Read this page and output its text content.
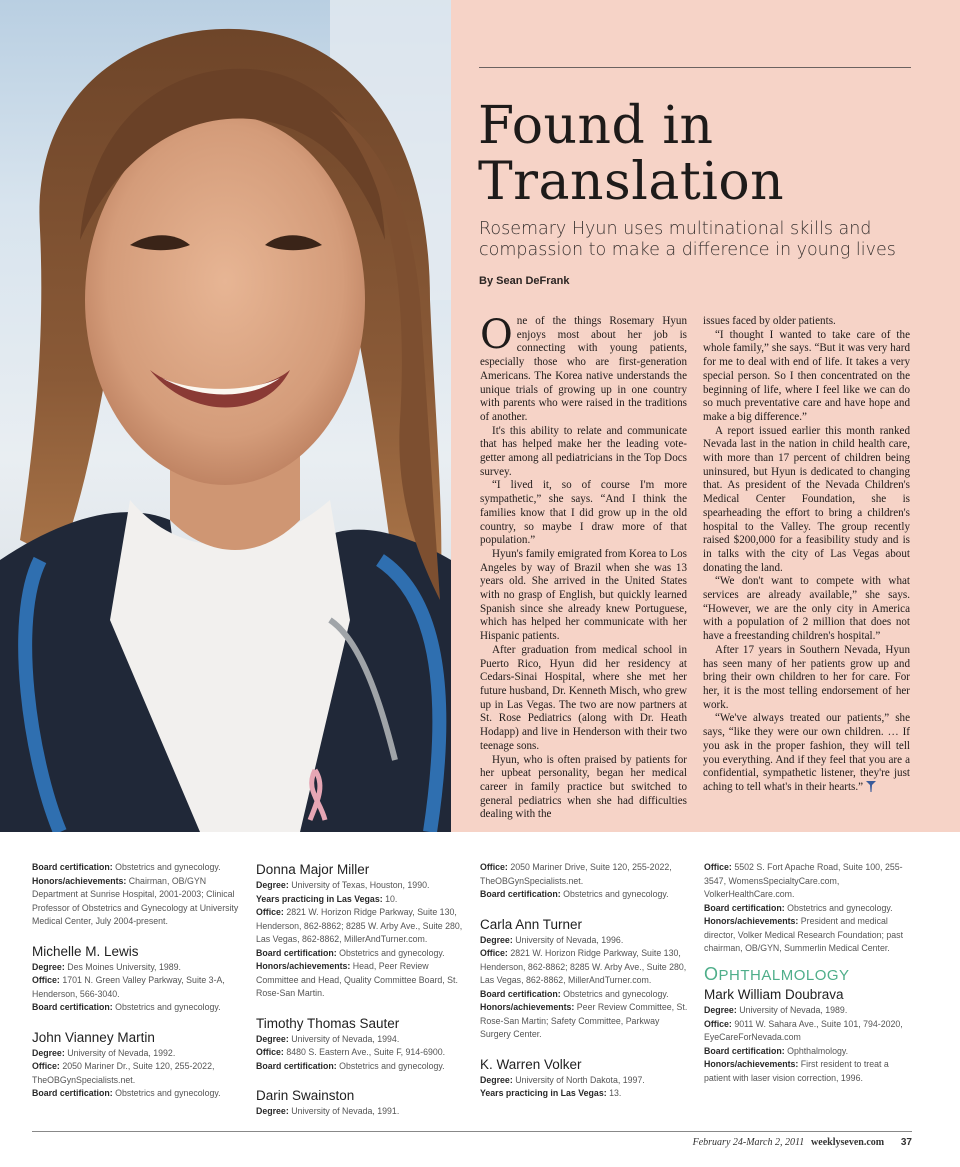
Found in
Translation

Rosemary Hyun uses multinational skills and compassion to make a difference in young lives

By Sean DeFrank

One of the things Rosemary Hyun enjoys most about her job is connecting with young patients, especially those who are first-generation Americans. The Korea native understands the unique trials of growing up in one country with parents who were raised in the traditions of another.

It's this ability to relate and communicate that has helped make her the leading vote-getter among all pediatricians in the Top Docs survey.

“I lived it, so of course I'm more sympathetic,” she says. “And I think the families know that I did grow up in the old country, so maybe I draw more of that population.”

Hyun's family emigrated from Korea to Los Angeles by way of Brazil when she was 13 years old. She arrived in the United States with no grasp of English, but quickly learned Spanish since she already knew Portuguese, which has helped her communicate with her Hispanic patients.

After graduation from medical school in Puerto Rico, Hyun did her residency at Cedars-Sinai Hospital, where she met her future husband, Dr. Kenneth Misch, who grew up in Las Vegas. The two are now partners at St. Rose Pediatrics (along with Dr. Heath Hodapp) and live in Henderson with their two teenage sons.

Hyun, who is often praised by patients for her upbeat personality, began her medical career in family practice but switched to general pediatrics when she had difficulties dealing with the

issues faced by older patients.

“I thought I wanted to take care of the whole family,” she says. “But it was very hard for me to deal with end of life. It takes a very special person. So I then concentrated on the beginning of life, where I feel like we can do so much preventative care and have hope and make a big difference.”

A report issued earlier this month ranked Nevada last in the nation in child health care, with more than 17 percent of children being uninsured, but Hyun is dedicated to changing that. As president of the Nevada Children's Medical Center Foundation, she is spearheading the effort to bring a children's hospital to the Valley. The group recently raised $200,000 for a feasibility study and is in talks with the city of Las Vegas about donating the land.

“We don't want to compete with what services are already available,” she says. “However, we are the only city in America with a population of 2 million that does not have a freestanding children's hospital.”

After 17 years in Southern Nevada, Hyun has seen many of her patients grow up and bring their own children to her for care. For her, it is the most telling endorsement of her work.

“We've always treated our patients,” she says, “like they were our own children. … If you ask in the proper fashion, they will tell you everything. And if they feel that you are a confidential, sympathetic listener, they're just aching to tell what's in their hearts.”

Board certification: Obstetrics and gynecology.
Honors/achievements: Chairman, OB/GYN Department at Sunrise Hospital, 2001-2003; Clinical Professor of Obstetrics and Gynecology at University Medical Center, July 2004-present.
Michelle M. Lewis
Degree: Des Moines University, 1989.
Office: 1701 N. Green Valley Parkway, Suite 3-A, Henderson, 566-3040.
Board certification: Obstetrics and gynecology.
John Vianney Martin
Degree: University of Nevada, 1992.
Office: 2050 Mariner Dr., Suite 120, 255-2022, TheOBGynSpecialists.net.
Board certification: Obstetrics and gynecology.
Donna Major Miller
Degree: University of Texas, Houston, 1990.
Years practicing in Las Vegas: 10.
Office: 2821 W. Horizon Ridge Parkway, Suite 130, Henderson, 862-8862; 8285 W. Arby Ave., Suite 280, Las Vegas, 862-8862, MillerAndTurner.com.
Board certification: Obstetrics and gynecology.
Honors/achievements: Head, Peer Review Committee and Head, Quality Committee Board, St. Rose-San Martin.
Timothy Thomas Sauter
Degree: University of Nevada, 1994.
Office: 8480 S. Eastern Ave., Suite F, 914-6900.
Board certification: Obstetrics and gynecology.
Darin Swainston
Degree: University of Nevada, 1991.
Office: 2050 Mariner Drive, Suite 120, 255-2022, TheOBGynSpecialists.net.
Board certification: Obstetrics and gynecology.
Carla Ann Turner
Degree: University of Nevada, 1996.
Office: 2821 W. Horizon Ridge Parkway, Suite 130, Henderson, 862-8862; 8285 W. Arby Ave., Suite 280, Las Vegas, 862-8862, MillerAndTurner.com.
Board certification: Obstetrics and gynecology.
Honors/achievements: Peer Review Committee, St. Rose-San Martin; Safety Committee, Parkway Surgery Center.
K. Warren Volker
Degree: University of North Dakota, 1997.
Years practicing in Las Vegas: 13.
Office: 5502 S. Fort Apache Road, Suite 100, 255-3547, WomensSpecialtyCare.com, VolkerHealthCare.com.
Board certification: Obstetrics and gynecology.
Honors/achievements: President and medical director, Volker Medical Research Foundation; past chairman, OB/GYN, Summerlin Medical Center.
OPHTHALMOLOGY
Mark William Doubrava
Degree: University of Nevada, 1989.
Office: 9011 W. Sahara Ave., Suite 101, 794-2020, EyeCareForNevada.com
Board certification: Ophthalmology.
Honors/achievements: First resident to treat a patient with laser vision correction, 1996.
February 24-March 2, 2011 weeklyseven.com 37
